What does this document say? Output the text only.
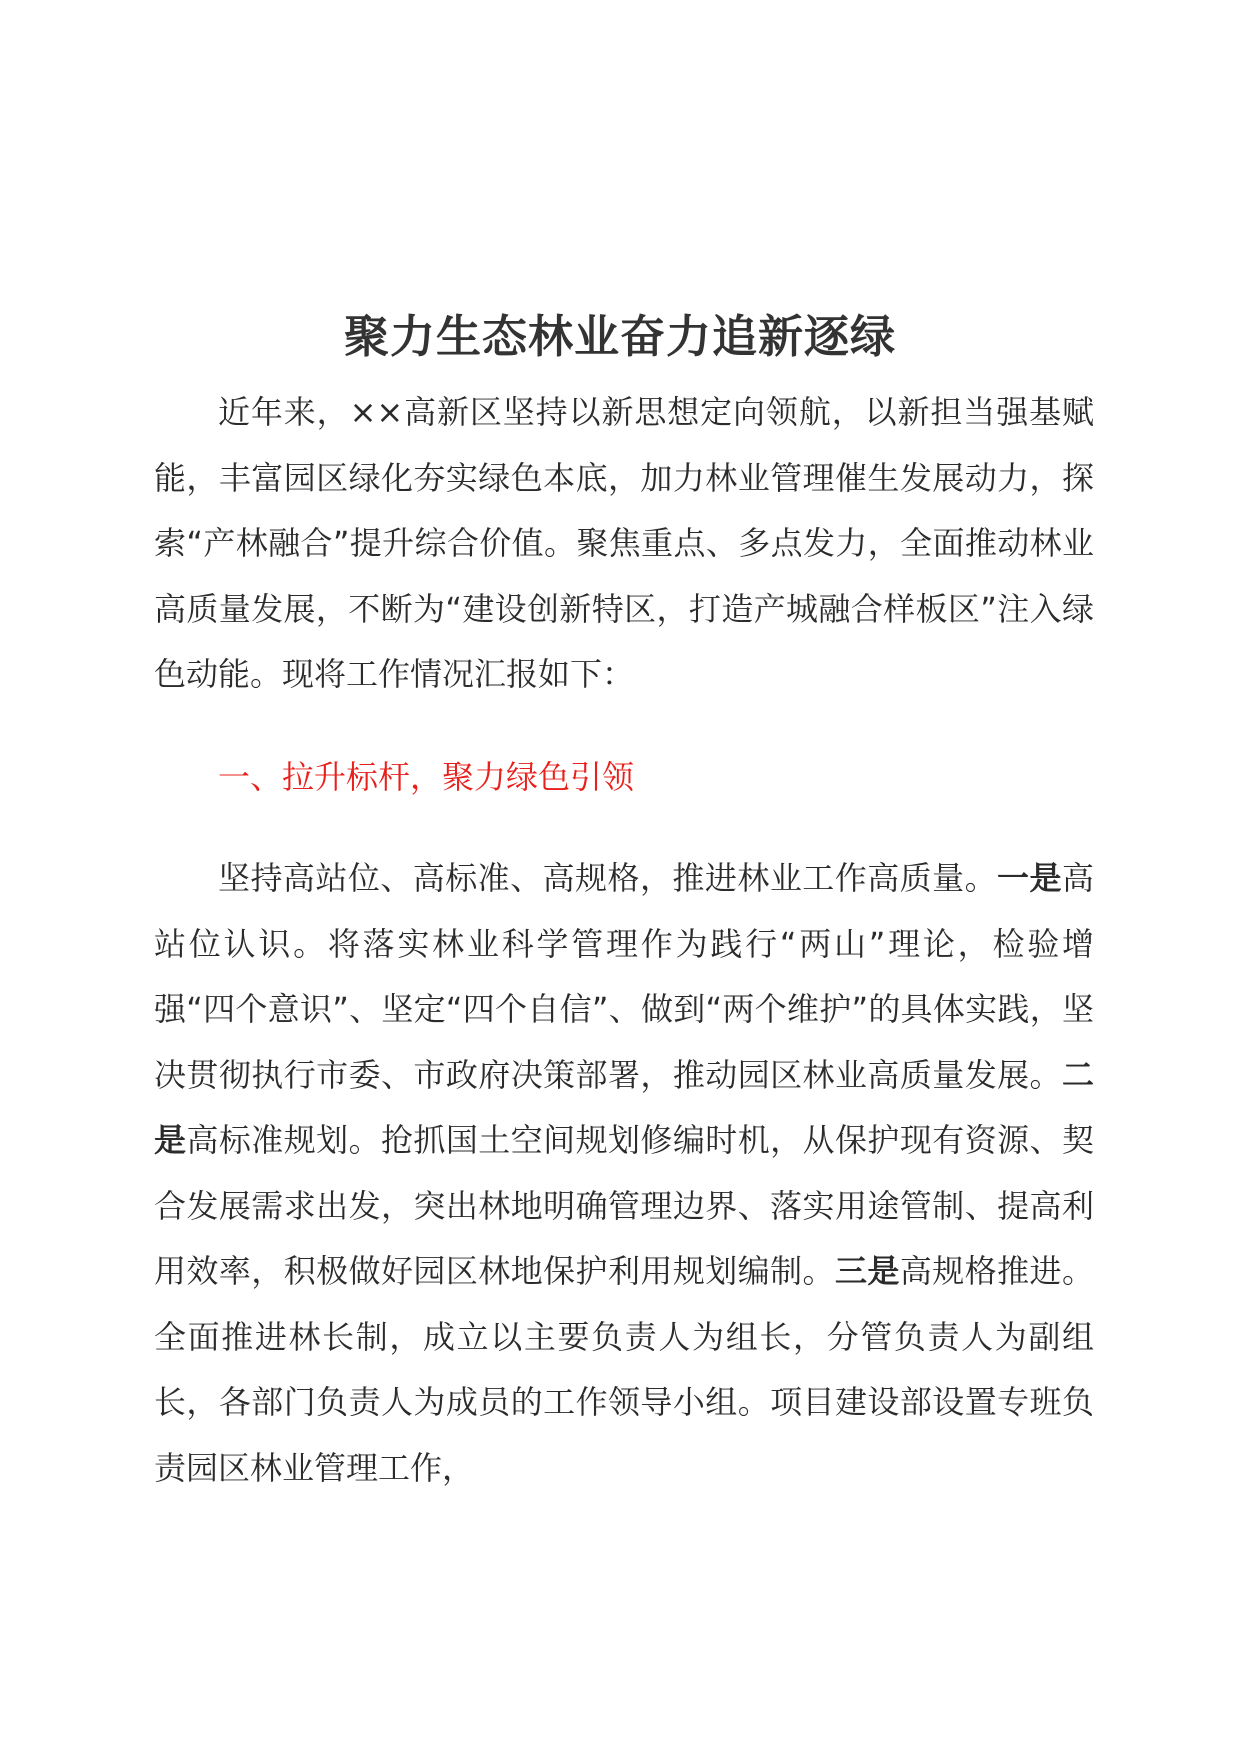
聚力生态林业奋力追新逐绿

近年来，××高新区坚持以新思想定向领航，以新担当强基赋能，丰富园区绿化夯实绿色本底，加力林业管理催生发展动力，探索“产林融合”提升综合价值。聚焦重点、多点发力，全面推动林业高质量发展，不断为“建设创新特区，打造产城融合样板区”注入绿色动能。现将工作情况汇报如下：

一、拉升标杆，聚力绿色引领

坚持高站位、高标准、高规格，推进林业工作高质量。一是高站位认识。将落实林业科学管理作为践行“两山”理论，检验增强“四个意识”、坚定“四个自信”、做到“两个维护”的具体实践，坚决贯彻执行市委、市政府决策部署，推动园区林业高质量发展。二是高标准规划。抢抓国土空间规划修编时机，从保护现有资源、契合发展需求出发，突出林地明确管理边界、落实用途管制、提高利用效率，积极做好园区林地保护利用规划编制。三是高规格推进。全面推进林长制，成立以主要负责人为组长，分管负责人为副组长，各部门负责人为成员的工作领导小组。项目建设部设置专班负责园区林业管理工作，
